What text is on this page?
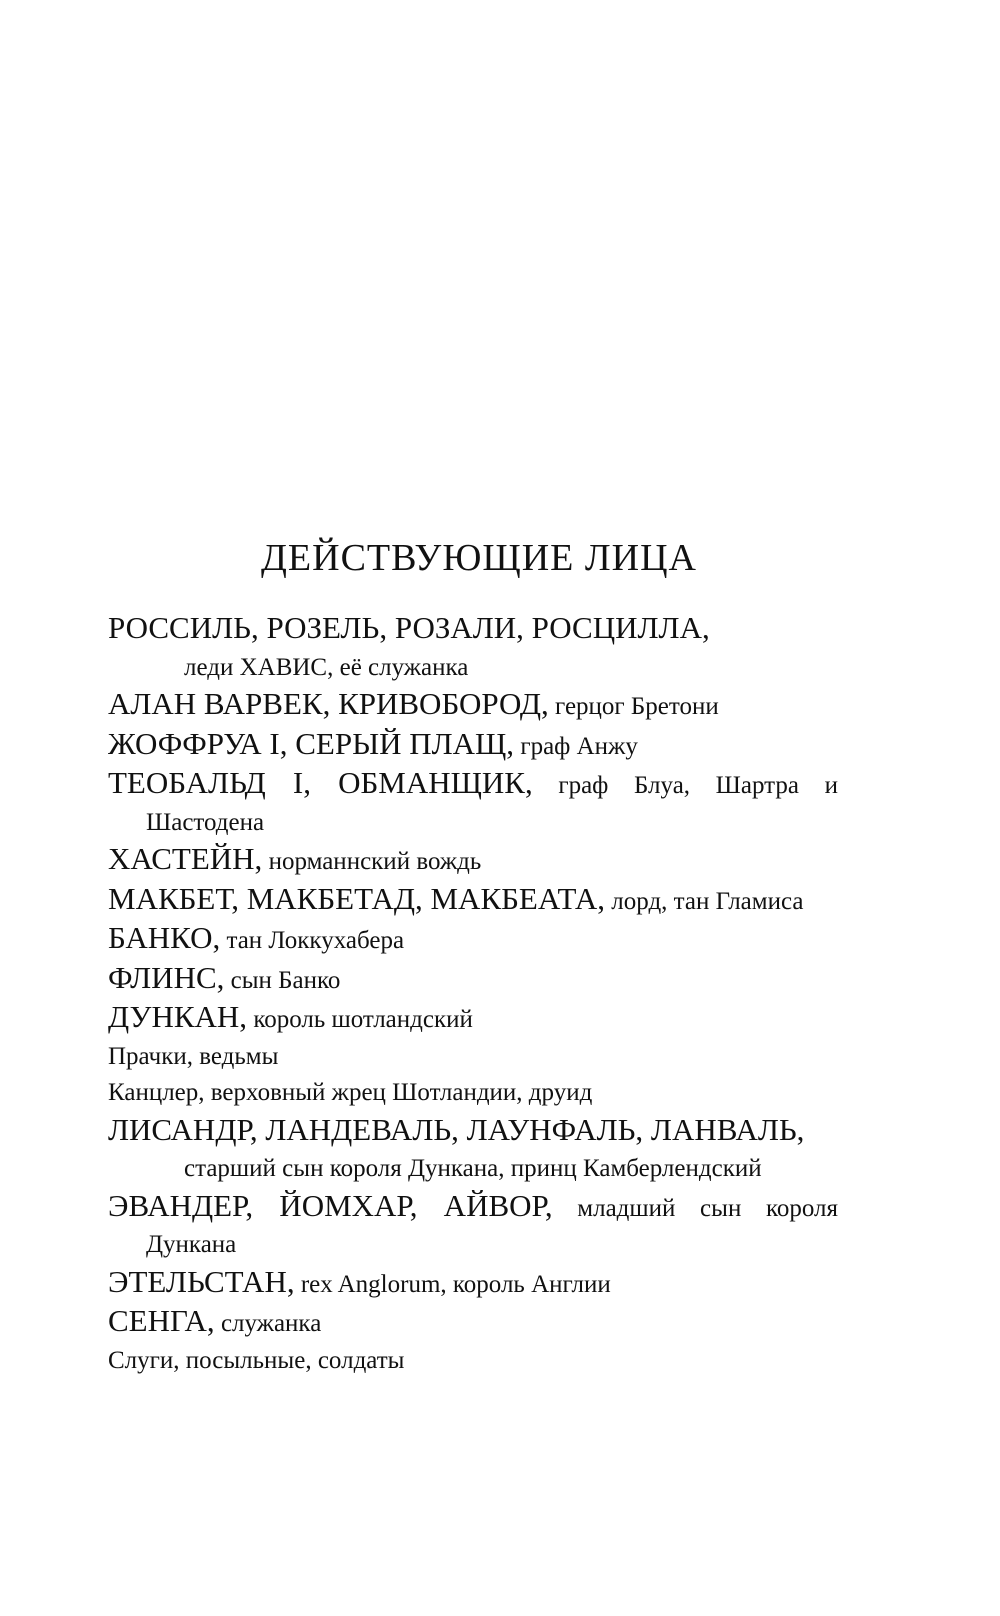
ДЕЙСТВУЮЩИЕ ЛИЦА
РОССИЛЬ, РОЗЕЛЬ, РОЗАЛИ, РОСЦИЛЛА,
леди ХАВИС, её служанка
АЛАН ВАРВЕК, КРИВОБОРОД, герцог Бретони
ЖОФФРУА I, СЕРЫЙ ПЛАЩ, граф Анжу
ТЕОБАЛЬД I, ОБМАНЩИК, граф Блуа, Шартра и Шастодена
ХАСТЕЙН, норманнский вождь
МАКБЕТ, МАКБЕТАД, МАКБЕАТА, лорд, тан Гламиса
БАНКО, тан Локкухабера
ФЛИНС, сын Банко
ДУНКАН, король шотландский
Прачки, ведьмы
Канцлер, верховный жрец Шотландии, друид
ЛИСАНДР, ЛАНДЕВАЛЬ, ЛАУНФАЛЬ, ЛАНВАЛЬ,
старший сын короля Дункана, принц Камберлендский
ЭВАНДЕР, ЙОМХАР, АЙВОР, младший сын короля Дункана
ЭТЕЛЬСТАН, rex Anglorum, король Англии
СЕНГА, служанка
Слуги, посыльные, солдаты
